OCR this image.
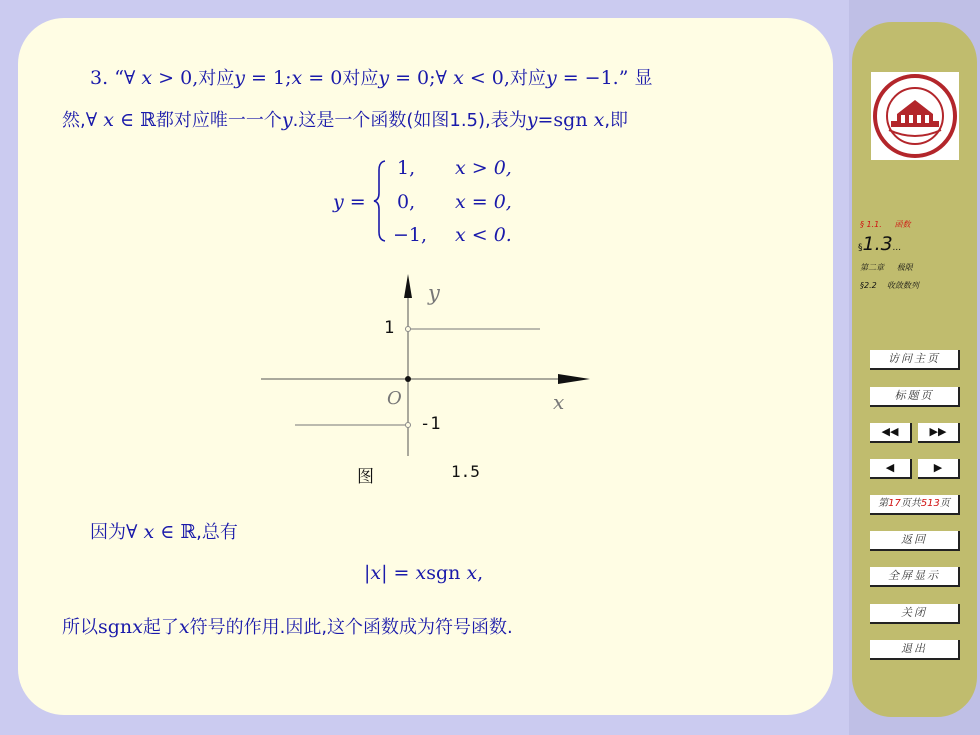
3. “∀ x > 0,对应y = 1;x = 0对应y = 0;∀ x < 0,对应y = −1.” 显
然,∀ x ∈ ℝ都对应唯一一个y.这是一个函数(如图1.5),表为y=sgn x,即
y =
1, x > 0,
0, x = 0,
−1, x < 0.
y
x
O
1
-1
图	1.5
因为∀ x ∈ ℝ,总有
|x| = xsgn x,
所以sgnx起了x符号的作用.因此,这个函数成为符号函数.
§ 1.1. 函数
§1.3...
第二章 极限
§2.2 收敛数列
访问主页
标题页
◀◀	▶▶
◀	▶
第17页共513页
返回
全屏显示
关闭
退出
